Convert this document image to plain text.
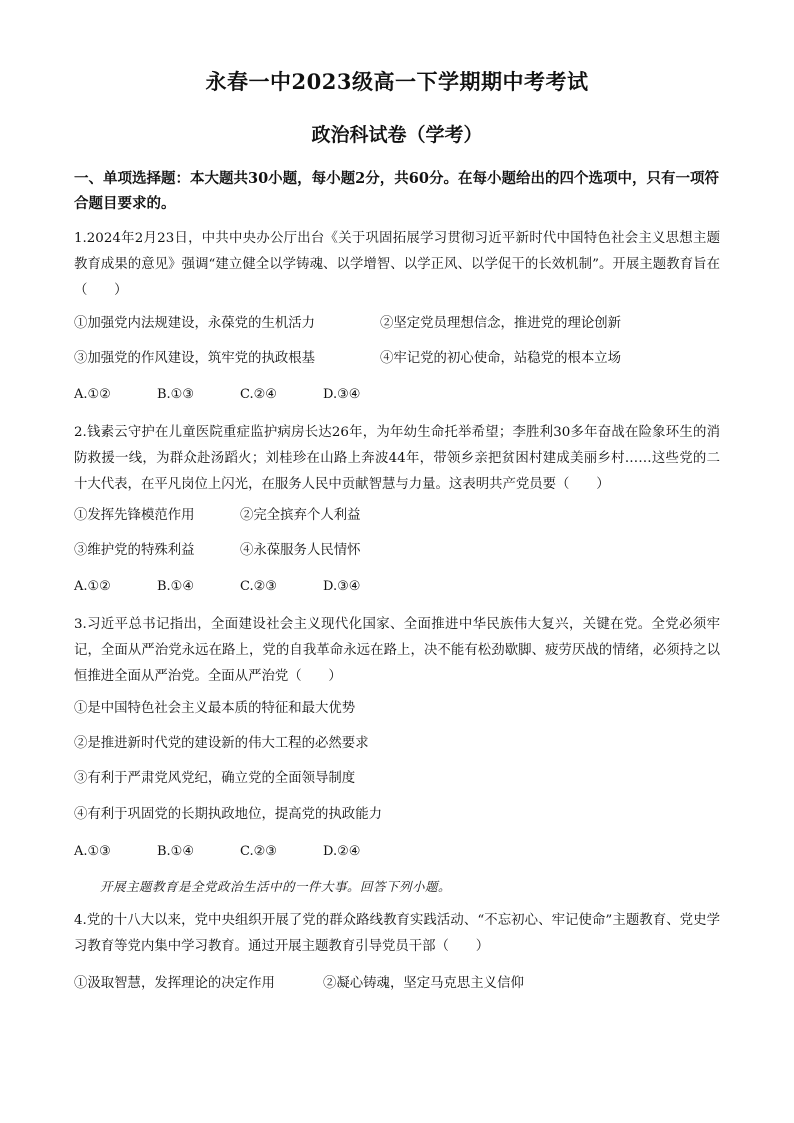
永春一中2023级高一下学期期中考考试
政治科试卷（学考）
一、单项选择题：本大题共30小题，每小题2分，共60分。在每小题给出的四个选项中，只有一项符合题目要求的。
1.2024年2月23日，中共中央办公厅出台《关于巩固拓展学习贯彻习近平新时代中国特色社会主义思想主题教育成果的意见》强调“建立健全以学铸魂、以学增智、以学正风、以学促干的长效机制”。开展主题教育旨在（　　）
①加强党内法规建设，永葆党的生机活力	②坚定党员理想信念，推进党的理论创新
③加强党的作风建设，筑牢党的执政根基	④牢记党的初心使命，站稳党的根本立场
A.①②	B.①③	C.②④	D.③④
2.钱素云守护在儿童医院重症监护病房长达26年，为年幼生命托举希望；李胜利30多年奋战在险象环生的消防救援一线，为群众赴汤蹈火；刘桂珍在山路上奔波44年，带领乡亲把贫困村建成美丽乡村……这些党的二十大代表，在平凡岗位上闪光，在服务人民中贡献智慧与力量。这表明共产党员要（　　）
①发挥先锋模范作用	②完全摈弃个人利益
③维护党的特殊利益	④永葆服务人民情怀
A.①②	B.①④	C.②③	D.③④
3.习近平总书记指出，全面建设社会主义现代化国家、全面推进中华民族伟大复兴，关键在党。全党必须牢记，全面从严治党永远在路上，党的自我革命永远在路上，决不能有松劲歇脚、疲劳厌战的情绪，必须持之以恒推进全面从严治党。全面从严治党（　　）
①是中国特色社会主义最本质的特征和最大优势
②是推进新时代党的建设新的伟大工程的必然要求
③有利于严肃党风党纪，确立党的全面领导制度
④有利于巩固党的长期执政地位，提高党的执政能力
A.①③	B.①④	C.②③	D.②④
开展主题教育是全党政治生活中的一件大事。回答下列小题。
4.党的十八大以来，党中央组织开展了党的群众路线教育实践活动、“不忘初心、牢记使命”主题教育、党史学习教育等党内集中学习教育。通过开展主题教育引导党员干部（　　）
①汲取智慧，发挥理论的决定作用	②凝心铸魂，坚定马克思主义信仰
